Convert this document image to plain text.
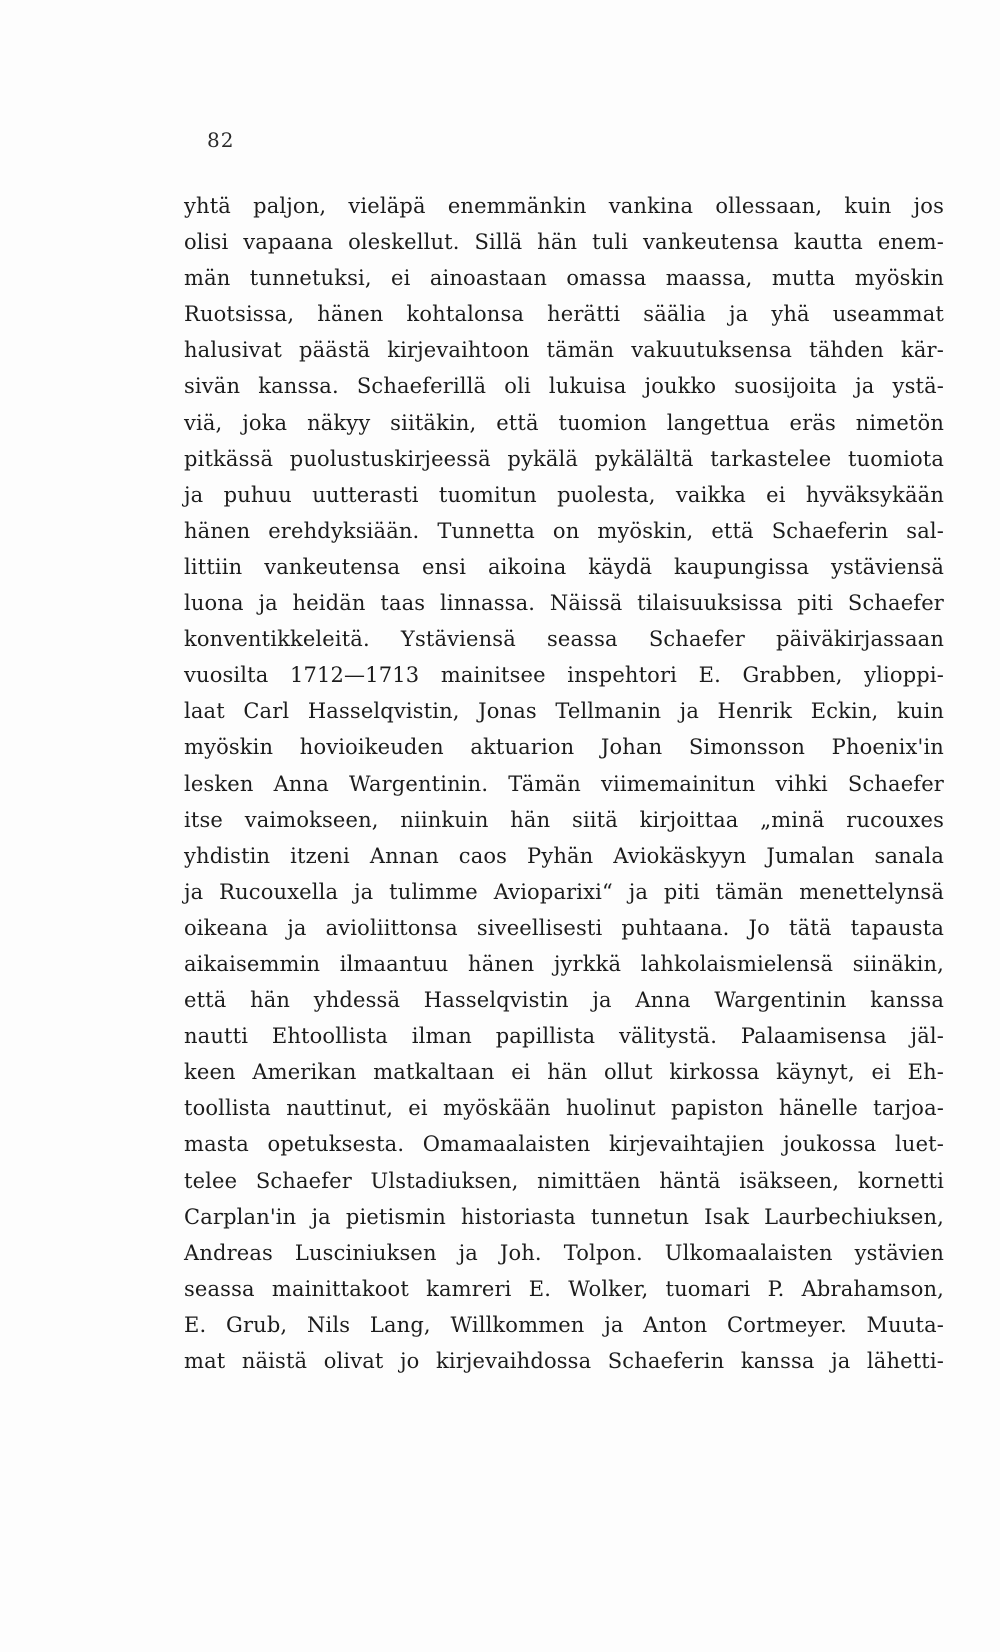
82
yhtä paljon, vieläpä enemmänkin vankina ollessaan, kuin jos
olisi vapaana oleskellut. Sillä hän tuli vankeutensa kautta enem-
män tunnetuksi, ei ainoastaan omassa maassa, mutta myöskin
Ruotsissa, hänen kohtalonsa herätti säälia ja yhä useammat
halusivat päästä kirjevaihtoon tämän vakuutuksensa tähden kär-
sivän kanssa. Schaeferillä oli lukuisa joukko suosijoita ja ystä-
viä, joka näkyy siitäkin, että tuomion langettua eräs nimetön
pitkässä puolustuskirjeessä pykälä pykälältä tarkastelee tuomiota
ja puhuu uutterasti tuomitun puolesta, vaikka ei hyväksykään
hänen erehdyksiään. Tunnetta on myöskin, että Schaeferin sal-
littiin vankeutensa ensi aikoina käydä kaupungissa ystäviensä
luona ja heidän taas linnassa. Näissä tilaisuuksissa piti Schaefer
konventikkeleitä. Ystäviensä seassa Schaefer päiväkirjassaan
vuosilta 1712—1713 mainitsee inspehtori E. Grabben, ylioppi-
laat Carl Hasselqvistin, Jonas Tellmanin ja Henrik Eckin, kuin
myöskin hovioikeuden aktuarion Johan Simonsson Phoenix'in
lesken Anna Wargentinin. Tämän viimemainitun vihki Schaefer
itse vaimokseen, niinkuin hän siitä kirjoittaa „minä rucouxes
yhdistin itzeni Annan caos Pyhän Aviokäskyyn Jumalan sanala
ja Rucouxella ja tulimme Avioparixi“ ja piti tämän menettelynsä
oikeana ja avioliittonsa siveellisesti puhtaana. Jo tätä tapausta
aikaisemmin ilmaantuu hänen jyrkkä lahkolaismielensä siinäkin,
että hän yhdessä Hasselqvistin ja Anna Wargentinin kanssa
nautti Ehtoollista ilman papillista välitystä. Palaamisensa jäl-
keen Amerikan matkaltaan ei hän ollut kirkossa käynyt, ei Eh-
toollista nauttinut, ei myöskään huolinut papiston hänelle tarjoa-
masta opetuksesta. Omamaalaisten kirjevaihtajien joukossa luet-
telee Schaefer Ulstadiuksen, nimittäen häntä isäkseen, kornetti
Carplan'in ja pietismin historiasta tunnetun Isak Laurbechiuksen,
Andreas Lusciniuksen ja Joh. Tolpon. Ulkomaalaisten ystävien
seassa mainittakoot kamreri E. Wolker, tuomari P. Abrahamson,
E. Grub, Nils Lang, Willkommen ja Anton Cortmeyer. Muuta-
mat näistä olivat jo kirjevaihdossa Schaeferin kanssa ja lähetti-
